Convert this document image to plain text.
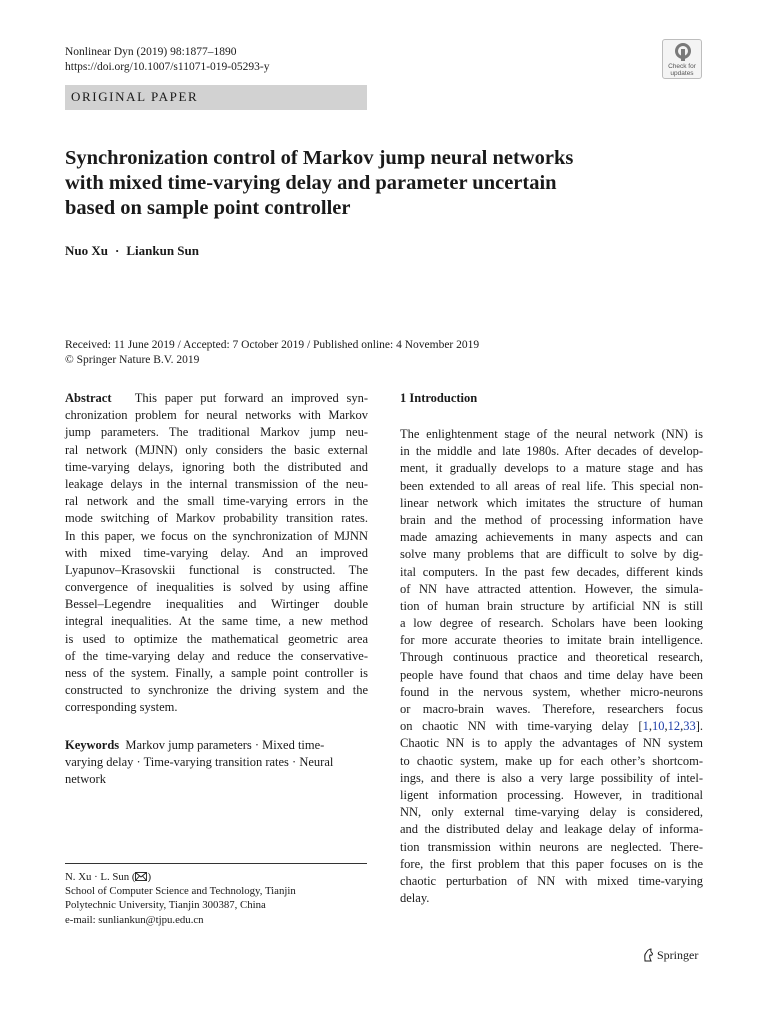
Nonlinear Dyn (2019) 98:1877–1890
https://doi.org/10.1007/s11071-019-05293-y	Check for
updates
ORIGINAL PAPER
Synchronization control of Markov jump neural networks
with mixed time-varying delay and parameter uncertain
based on sample point controller
Nuo Xu · Liankun Sun
Received: 11 June 2019 / Accepted: 7 October 2019 / Published online: 4 November 2019
© Springer Nature B.V. 2019
Abstract This paper put forward an improved syn-
chronization problem for neural networks with Markov
jump parameters. The traditional Markov jump neu-
ral network (MJNN) only considers the basic external
time-varying delays, ignoring both the distributed and
leakage delays in the internal transmission of the neu-
ral network and the small time-varying errors in the
mode switching of Markov probability transition rates.
In this paper, we focus on the synchronization of MJNN
with mixed time-varying delay. And an improved
Lyapunov–Krasovskii functional is constructed. The
convergence of inequalities is solved by using affine
Bessel–Legendre inequalities and Wirtinger double
integral inequalities. At the same time, a new method
is used to optimize the mathematical geometric area
of the time-varying delay and reduce the conservative-
ness of the system. Finally, a sample point controller is
constructed to synchronize the driving system and the
corresponding system.
Keywords Markov jump parameters · Mixed time-
varying delay · Time-varying transition rates · Neural
network
N. Xu · L. Sun ( )
School of Computer Science and Technology, Tianjin
Polytechnic University, Tianjin 300387, China
e-mail: sunliankun@tjpu.edu.cn
1 Introduction
The enlightenment stage of the neural network (NN) is
in the middle and late 1980s. After decades of develop-
ment, it gradually develops to a mature stage and has
been extended to all areas of real life. This special non-
linear network which imitates the structure of human
brain and the method of processing information have
made amazing achievements in many aspects and can
solve many problems that are difficult to solve by dig-
ital computers. In the past few decades, different kinds
of NN have attracted attention. However, the simula-
tion of human brain structure by artificial NN is still
a low degree of research. Scholars have been looking
for more accurate theories to imitate brain intelligence.
Through continuous practice and theoretical research,
people have found that chaos and time delay have been
found in the nervous system, whether micro-neurons
or macro-brain waves. Therefore, researchers focus
on chaotic NN with time-varying delay [1,10,12,33].
Chaotic NN is to apply the advantages of NN system
to chaotic system, make up for each other’s shortcom-
ings, and there is also a very large possibility of intel-
ligent information processing. However, in traditional
NN, only external time-varying delay is considered,
and the distributed delay and leakage delay of informa-
tion transmission within neurons are neglected. There-
fore, the first problem that this paper focuses on is the
chaotic perturbation of NN with mixed time-varying
delay.
Springer
